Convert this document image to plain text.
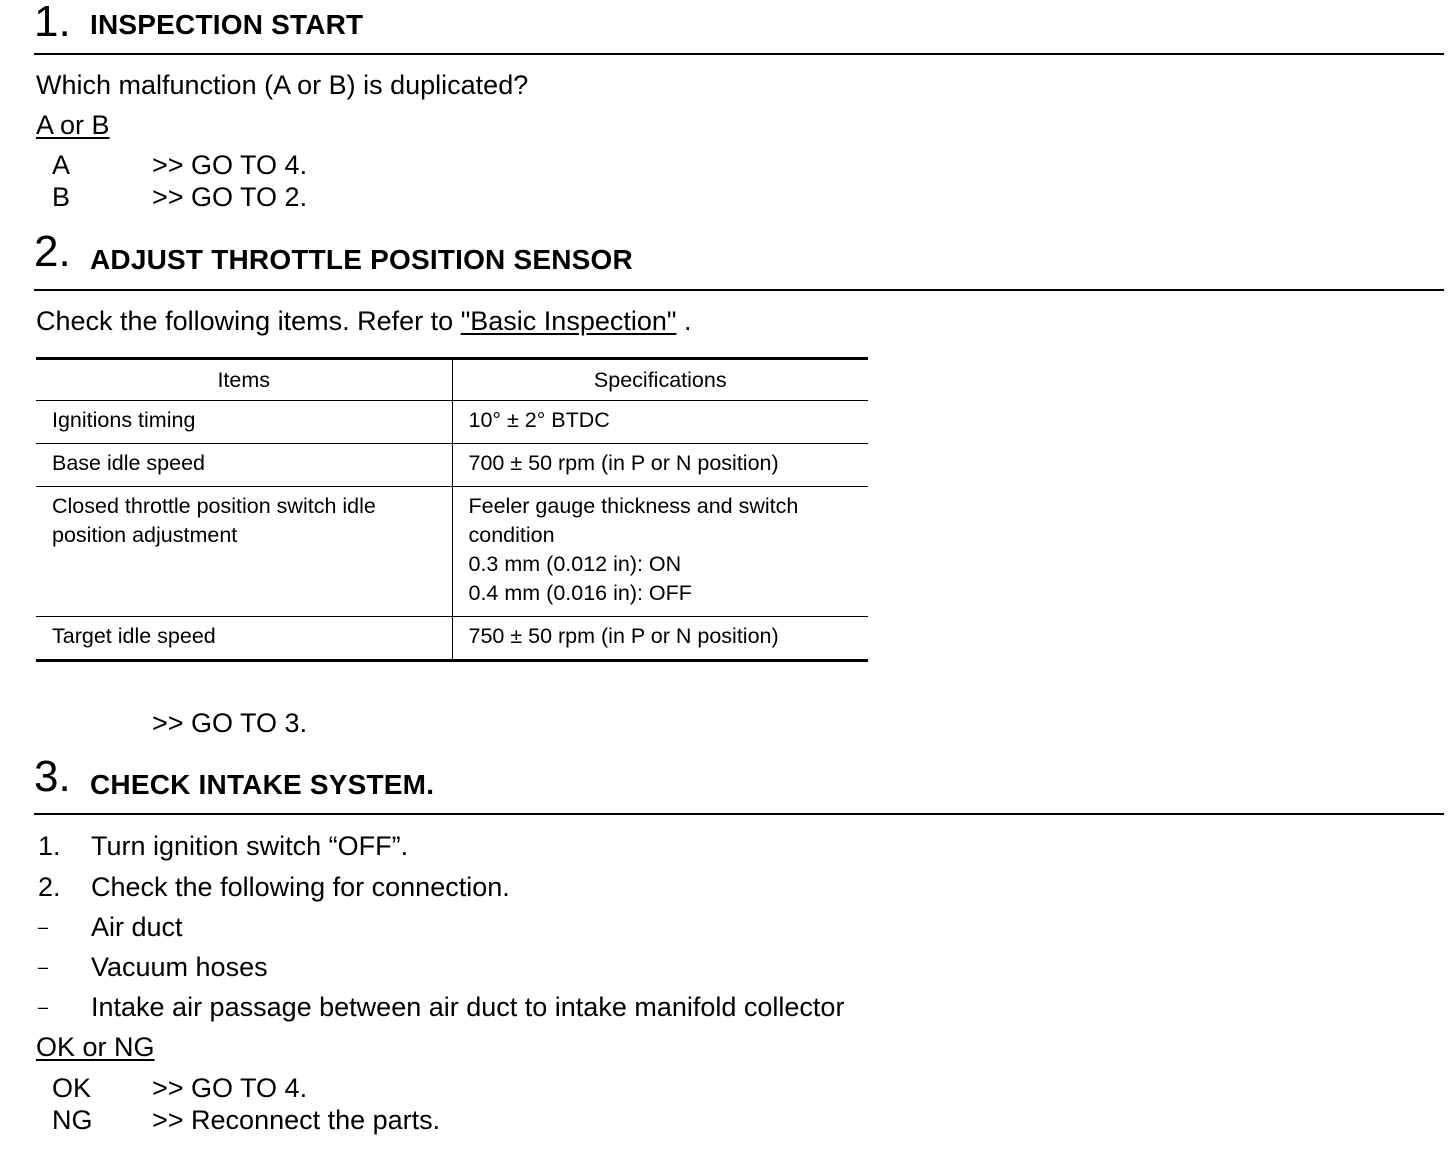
1. INSPECTION START
Which malfunction (A or B) is duplicated?
A or B
A	>> GO TO 4.
B	>> GO TO 2.
2. ADJUST THROTTLE POSITION SENSOR
Check the following items. Refer to "Basic Inspection" .
Items	Specifications
Ignitions timing	10° ± 2° BTDC
Base idle speed	700 ± 50 rpm (in P or N position)

Closed throttle position switch idle
position adjustment	Feeler gauge thickness and switch
condition
0.3 mm (0.012 in): ON
0.4 mm (0.016 in): OFF

Target idle speed	750 ± 50 rpm (in P or N position)
>> GO TO 3.
3. CHECK INTAKE SYSTEM.
1. Turn ignition switch “OFF”.
2. Check the following for connection.
– Air duct
– Vacuum hoses
– Intake air passage between air duct to intake manifold collector
OK or NG
OK >> GO TO 4.
NG >> Reconnect the parts.
